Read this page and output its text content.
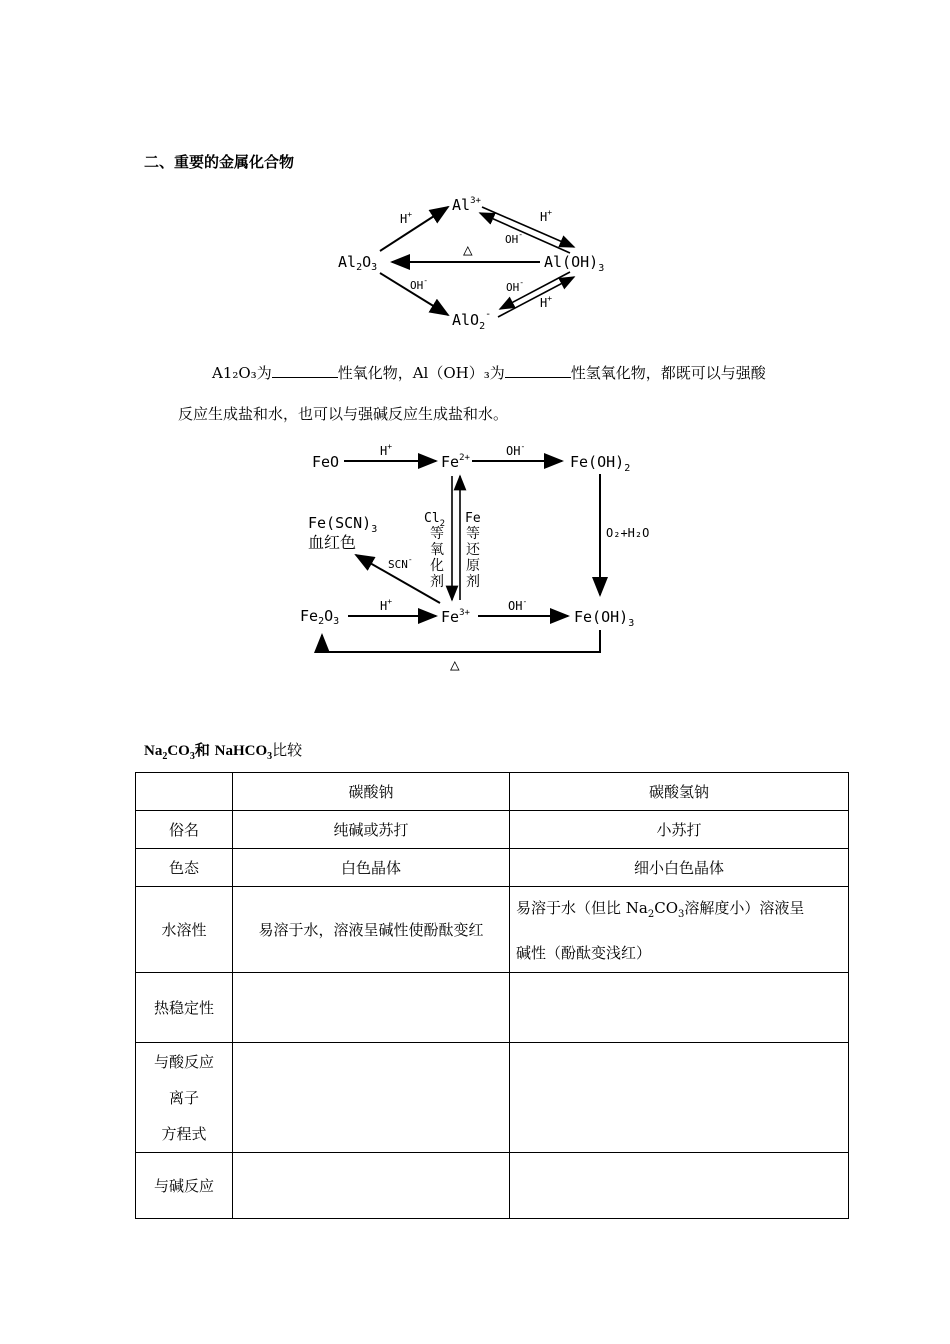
二、重要的金属化合物
$Al^{3+}$
$Al_2O_3$	$Al(OH)_3$
AlO$_2$-
H+	H+
OH-
△
OH-
OH-
H+
A1₂O₃为	性氧化物，Al（OH）₃为	性氢氧化物，都既可以与强酸
反应生成盐和水，也可以与强碱反应生成盐和水。
FeO
H+
$Fe^{2+}$	OH-
$Fe(OH)_2$
O₂+H₂O
$Fe(SCN)_3$
血红色
SCN-
$Cl_2$
等
氧
化
剂
Fe
等
还
原
剂
$Fe_2O_3$
H+
$Fe^{3+}$	OH-
$Fe(OH)_3$
△
$Na_2CO_3$和 NaHCO$_3$比较
	碳酸钠	碳酸氢钠
俗名	纯碱或苏打	小苏打
色态	白色晶体	细小白色晶体
水溶性	易溶于水，溶液呈碱性使酚酞变红	易溶于水（但比 $Na_2CO_3$溶解度小）溶液呈
碱性（酚酞变浅红）
热稳定性		

与酸反应
离子
方程式		

与碱反应		
